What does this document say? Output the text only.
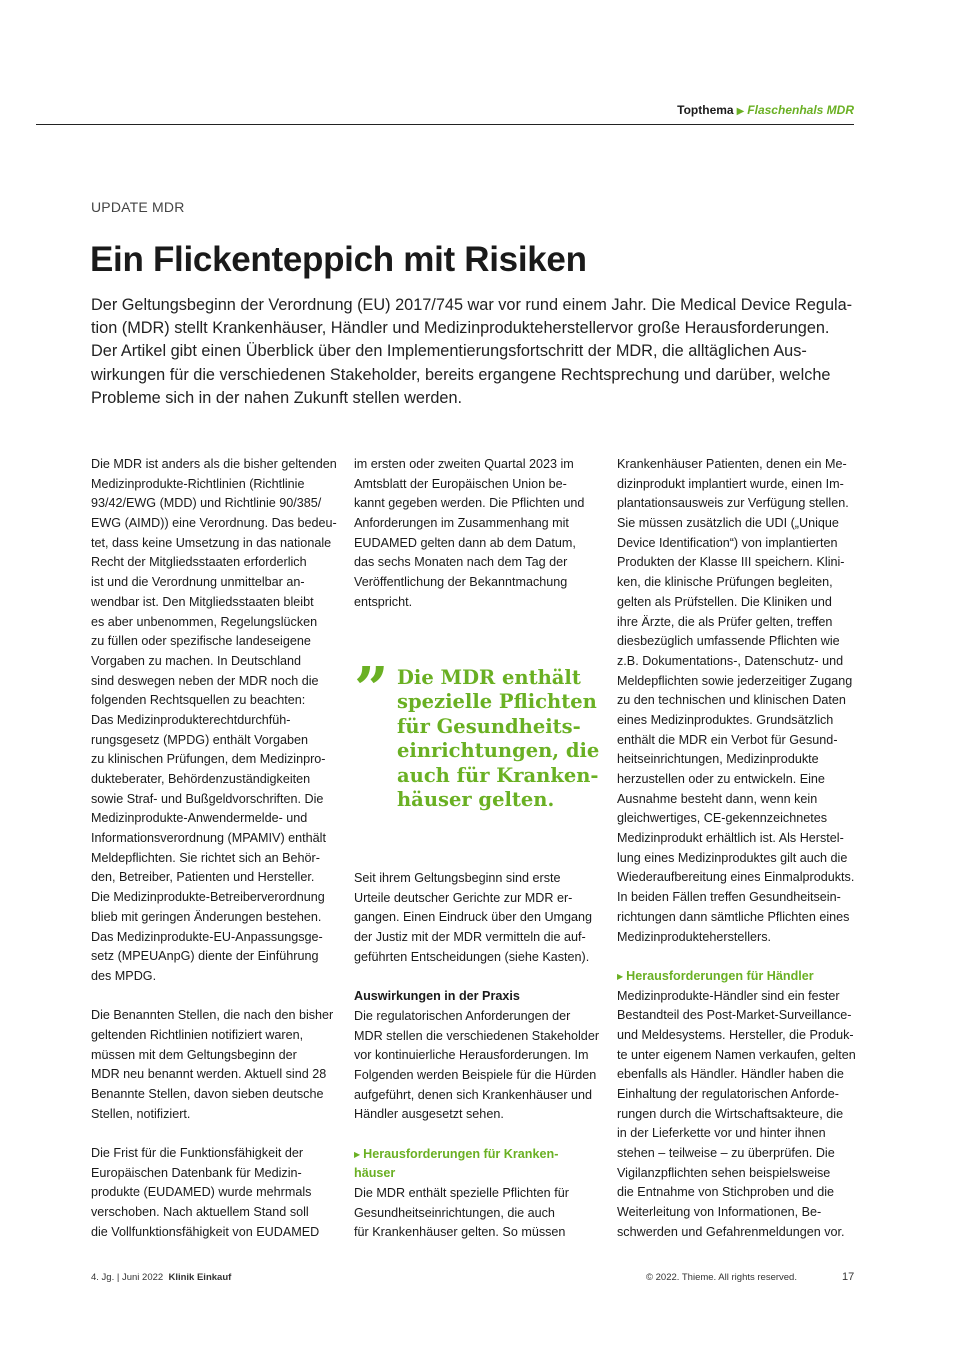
Topthema ▶ Flaschenhals MDR
UPDATE MDR
Ein Flickenteppich mit Risiken
Der Geltungsbeginn der Verordnung (EU) 2017/745 war vor rund einem Jahr. Die Medical Device Regula-
tion (MDR) stellt Krankenhäuser, Händler und Medizinprodukteherstellervor große Herausforderungen.
Der Artikel gibt einen Überblick über den Implementierungsfortschritt der MDR, die alltäglichen Aus-
wirkungen für die verschiedenen Stakeholder, bereits ergangene Rechtsprechung und darüber, welche
Probleme sich in der nahen Zukunft stellen werden.
Die MDR ist anders als die bisher geltenden
Medizinprodukte-Richtlinien (Richtlinie
93/42/EWG (MDD) und Richtlinie 90/385/
EWG (AIMD)) eine Verordnung. Das bedeu-
tet, dass keine Umsetzung in das nationale
Recht der Mitgliedsstaaten erforderlich
ist und die Verordnung unmittelbar an-
wendbar ist. Den Mitgliedsstaaten bleibt
es aber unbenommen, Regelungslücken
zu füllen oder spezifische landeseigene
Vorgaben zu machen. In Deutschland
sind deswegen neben der MDR noch die
folgenden Rechtsquellen zu beachten:
Das Medizinprodukterechtdurchfüh-
rungsgesetz (MPDG) enthält Vorgaben
zu klinischen Prüfungen, dem Medizinpro-
dukteberater, Behördenzuständigkeiten
sowie Straf- und Bußgeldvorschriften. Die
Medizinprodukte-Anwendermelde- und
Informationsverordnung (MPAMIV) enthält
Meldepflichten. Sie richtet sich an Behör-
den, Betreiber, Patienten und Hersteller.
Die Medizinprodukte-Betreiberverordnung
blieb mit geringen Änderungen bestehen.
Das Medizinprodukte-EU-Anpassungsge-
setz (MPEUAnpG) diente der Einführung
des MPDG.
Die Benannten Stellen, die nach den bisher
geltenden Richtlinien notifiziert waren,
müssen mit dem Geltungsbeginn der
MDR neu benannt werden. Aktuell sind 28
Benannte Stellen, davon sieben deutsche
Stellen, notifiziert.
Die Frist für die Funktionsfähigkeit der
Europäischen Datenbank für Medizin-
produkte (EUDAMED) wurde mehrmals
verschoben. Nach aktuellem Stand soll
die Vollfunktionsfähigkeit von EUDAMED
im ersten oder zweiten Quartal 2023 im
Amtsblatt der Europäischen Union be-
kannt gegeben werden. Die Pflichten und
Anforderungen im Zusammenhang mit
EUDAMED gelten dann ab dem Datum,
das sechs Monaten nach dem Tag der
Veröffentlichung der Bekanntmachung
entspricht.
” Die MDR enthält
spezielle Pflichten
für Gesundheits-
einrichtungen, die
auch für Kranken-
häuser gelten.
Seit ihrem Geltungsbeginn sind erste
Urteile deutscher Gerichte zur MDR er-
gangen. Einen Eindruck über den Umgang
der Justiz mit der MDR vermitteln die auf-
geführten Entscheidungen (siehe Kasten).
Auswirkungen in der Praxis
Die regulatorischen Anforderungen der
MDR stellen die verschiedenen Stakeholder
vor kontinuierliche Herausforderungen. Im
Folgenden werden Beispiele für die Hürden
aufgeführt, denen sich Krankenhäuser und
Händler ausgesetzt sehen.
▶ Herausforderungen für Kranken-
häuser
Die MDR enthält spezielle Pflichten für
Gesundheitseinrichtungen, die auch
für Krankenhäuser gelten. So müssen
Krankenhäuser Patienten, denen ein Me-
dizinprodukt implantiert wurde, einen Im-
plantationsausweis zur Verfügung stellen.
Sie müssen zusätzlich die UDI („Unique
Device Identification“) von implantierten
Produkten der Klasse III speichern. Klini-
ken, die klinische Prüfungen begleiten,
gelten als Prüfstellen. Die Kliniken und
ihre Ärzte, die als Prüfer gelten, treffen
diesbezüglich umfassende Pflichten wie
z.B. Dokumentations-, Datenschutz- und
Meldepflichten sowie jederzeitiger Zugang
zu den technischen und klinischen Daten
eines Medizinproduktes. Grundsätzlich
enthält die MDR ein Verbot für Gesund-
heitseinrichtungen, Medizinprodukte
herzustellen oder zu entwickeln. Eine
Ausnahme besteht dann, wenn kein
gleichwertiges, CE-gekennzeichnetes
Medizinprodukt erhältlich ist. Als Herstel-
lung eines Medizinproduktes gilt auch die
Wiederaufbereitung eines Einmalprodukts.
In beiden Fällen treffen Gesundheitsein-
richtungen dann sämtliche Pflichten eines
Medizinprodukteherstellers.
▶ Herausforderungen für Händler
Medizinprodukte-Händler sind ein fester
Bestandteil des Post-Market-Surveillance-
und Meldesystems. Hersteller, die Produk-
te unter eigenem Namen verkaufen, gelten
ebenfalls als Händler. Händler haben die
Einhaltung der regulatorischen Anforde-
rungen durch die Wirtschaftsakteure, die
in der Lieferkette vor und hinter ihnen
stehen – teilweise – zu überprüfen. Die
Vigilanzpflichten sehen beispielsweise
die Entnahme von Stichproben und die
Weiterleitung von Informationen, Be-
schwerden und Gefahrenmeldungen vor.
4. Jg. | Juni 2022 Klinik Einkauf	© 2022. Thieme. All rights reserved.	17
